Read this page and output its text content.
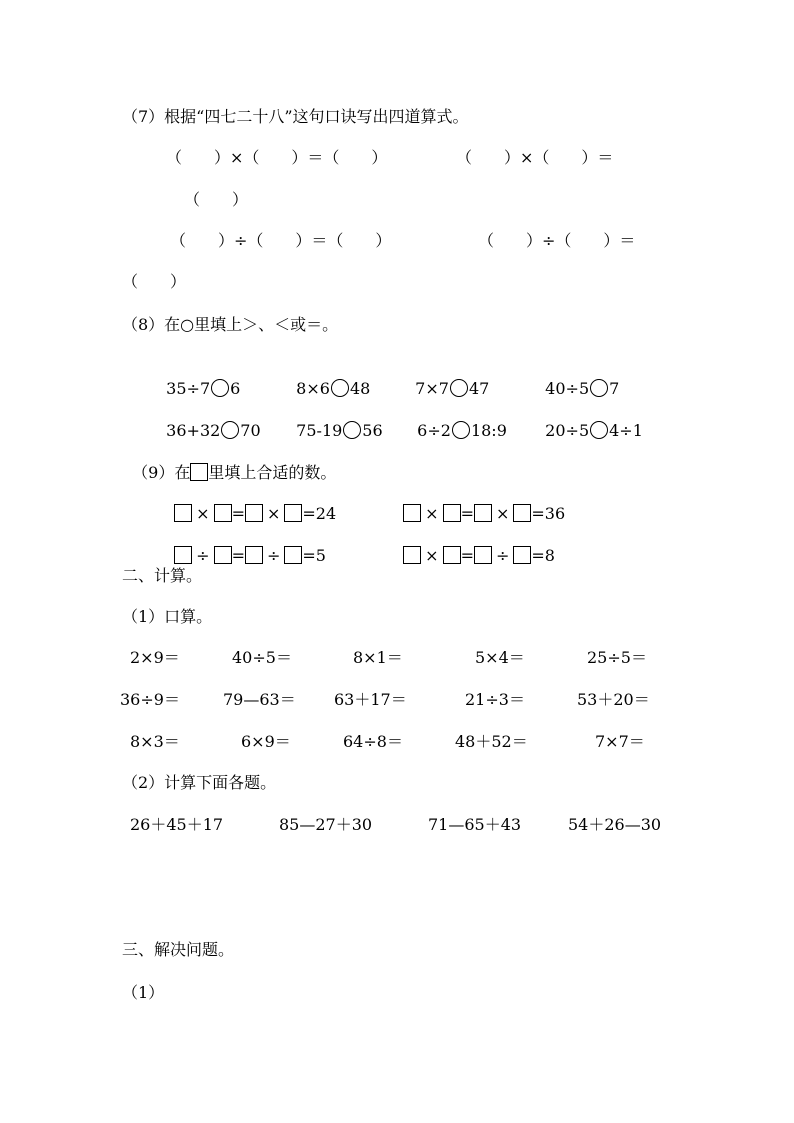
（7）根据“四七二十八”这句口诀写出四道算式。
（　　）×（　　）＝（　　）	（　　）×（　　）＝
（　　）
（　　）÷（　　）＝（　　）	（　　）÷（　　）＝
（　　）
（8）在○里填上＞、＜或＝。

35÷7 6	8×6 48	7×7 47	40÷5 7

36+32 70	75-19 56	6÷2 18:9	20÷5 4÷1

（9）在 里填上合适的数。

× = × =24	× = × =36

÷ = ÷ =5	× = ÷ =8

二、计算。
（1）口算。
2×9＝	40÷5＝	8×1＝	5×4＝	25÷5＝
36÷9＝	79—63＝ 63＋17＝	21÷3＝	53＋20＝
8×3＝	6×9＝	64÷8＝	48＋52＝	7×7＝
（2）计算下面各题。
26＋45＋17	85—27＋30	71—65＋43	54＋26—30
三、解决问题。
（1）
